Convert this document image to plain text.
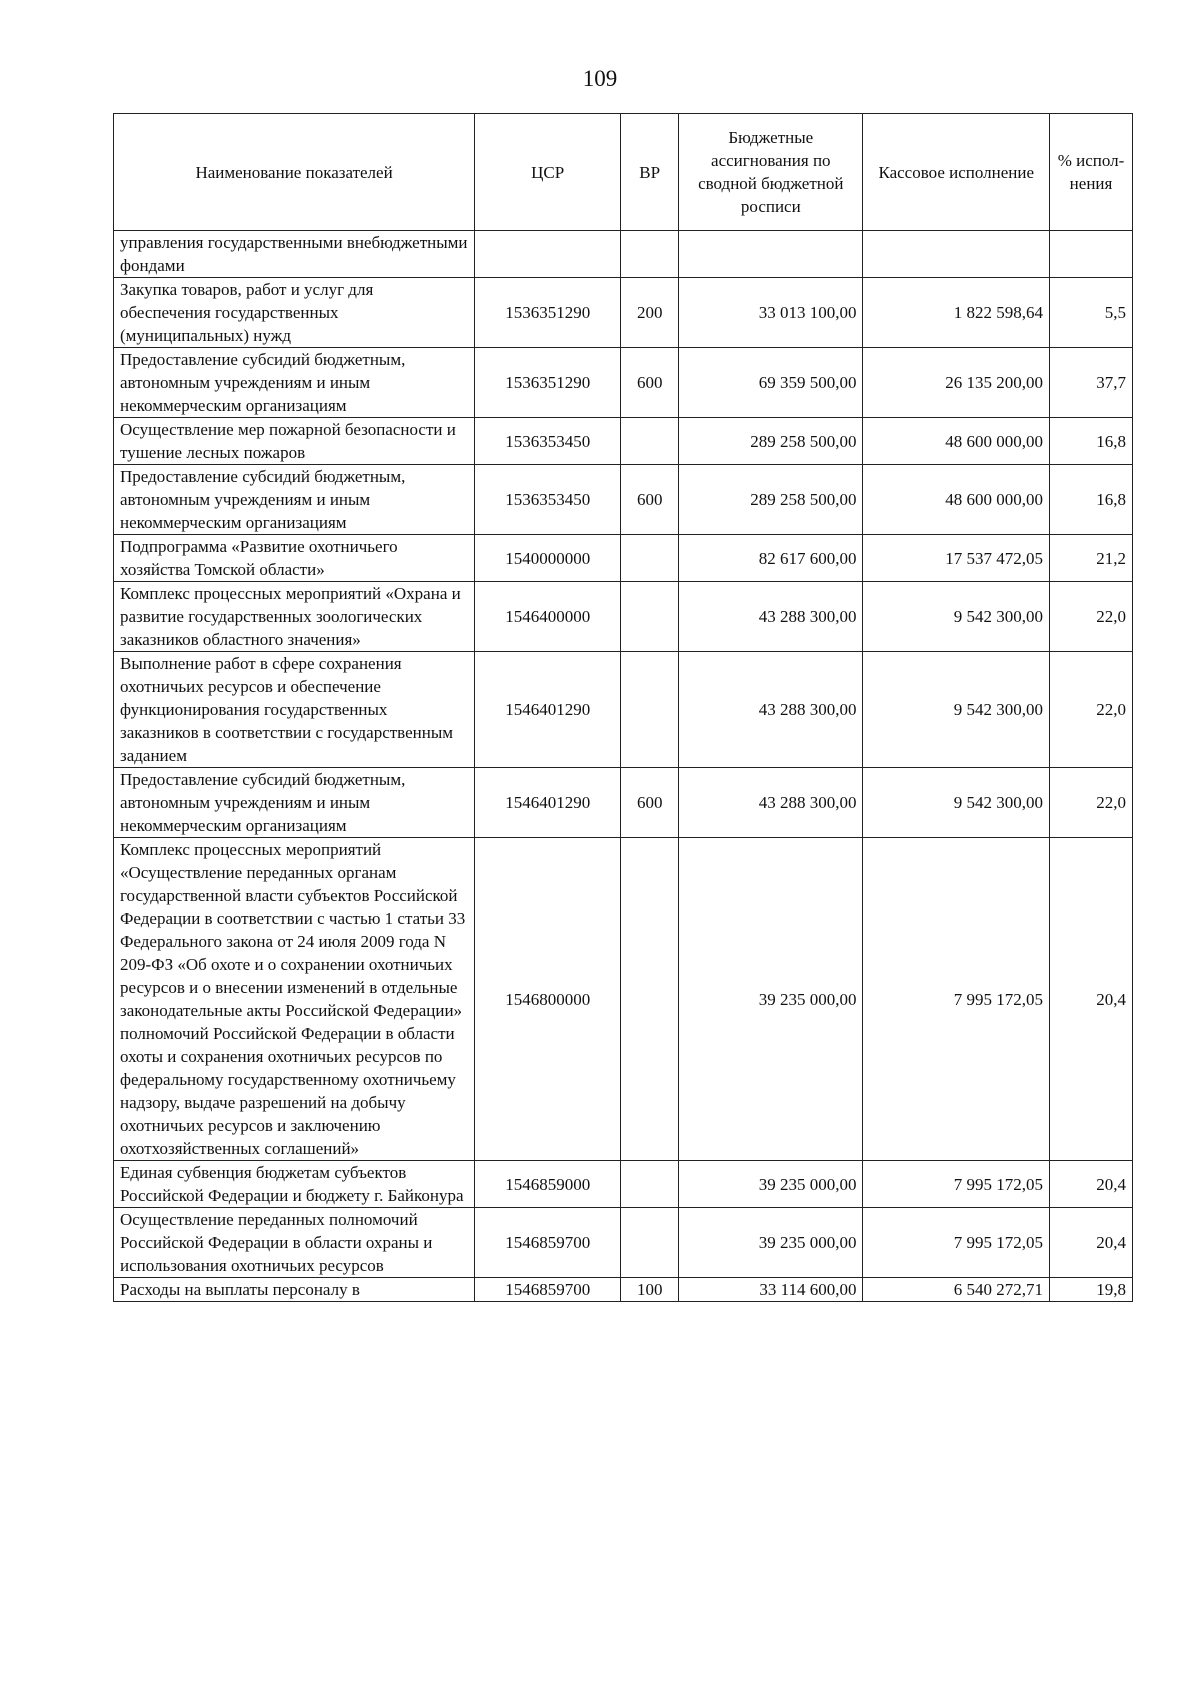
109
Наименование показателей	ЦСР	ВР	Бюджетные ассигнования по сводной бюджетной росписи	Кассовое исполнение	% испол-нения
управления государственными внебюджетными фондами					
Закупка товаров, работ и услуг для обеспечения государственных (муниципальных) нужд	1536351290	200	33 013 100,00	1 822 598,64	5,5
Предоставление субсидий бюджетным, автономным учреждениям и иным некоммерческим организациям	1536351290	600	69 359 500,00	26 135 200,00	37,7
Осуществление мер пожарной безопасности и тушение лесных пожаров	1536353450		289 258 500,00	48 600 000,00	16,8
Предоставление субсидий бюджетным, автономным учреждениям и иным некоммерческим организациям	1536353450	600	289 258 500,00	48 600 000,00	16,8
Подпрограмма «Развитие охотничьего хозяйства Томской области»	1540000000		82 617 600,00	17 537 472,05	21,2
Комплекс процессных мероприятий «Охрана и развитие государственных зоологических заказников областного значения»	1546400000		43 288 300,00	9 542 300,00	22,0
Выполнение работ в сфере сохранения охотничьих ресурсов и обеспечение функционирования государственных заказников в соответствии с государственным заданием	1546401290		43 288 300,00	9 542 300,00	22,0
Предоставление субсидий бюджетным, автономным учреждениям и иным некоммерческим организациям	1546401290	600	43 288 300,00	9 542 300,00	22,0
Комплекс процессных мероприятий «Осуществление переданных органам государственной власти субъектов Российской Федерации в соответствии с частью 1 статьи 33 Федерального закона от 24 июля 2009 года N 209-ФЗ «Об охоте и о сохранении охотничьих ресурсов и о внесении изменений в отдельные законодательные акты Российской Федерации» полномочий Российской Федерации в области охоты и сохранения охотничьих ресурсов по федеральному государственному охотничьему надзору, выдаче разрешений на добычу охотничьих ресурсов и заключению охотхозяйственных соглашений»	1546800000		39 235 000,00	7 995 172,05	20,4
Единая субвенция бюджетам субъектов Российской Федерации и бюджету г. Байконура	1546859000		39 235 000,00	7 995 172,05	20,4
Осуществление переданных полномочий Российской Федерации в области охраны и использования охотничьих ресурсов	1546859700		39 235 000,00	7 995 172,05	20,4
Расходы на выплаты персоналу в	1546859700	100	33 114 600,00	6 540 272,71	19,8
